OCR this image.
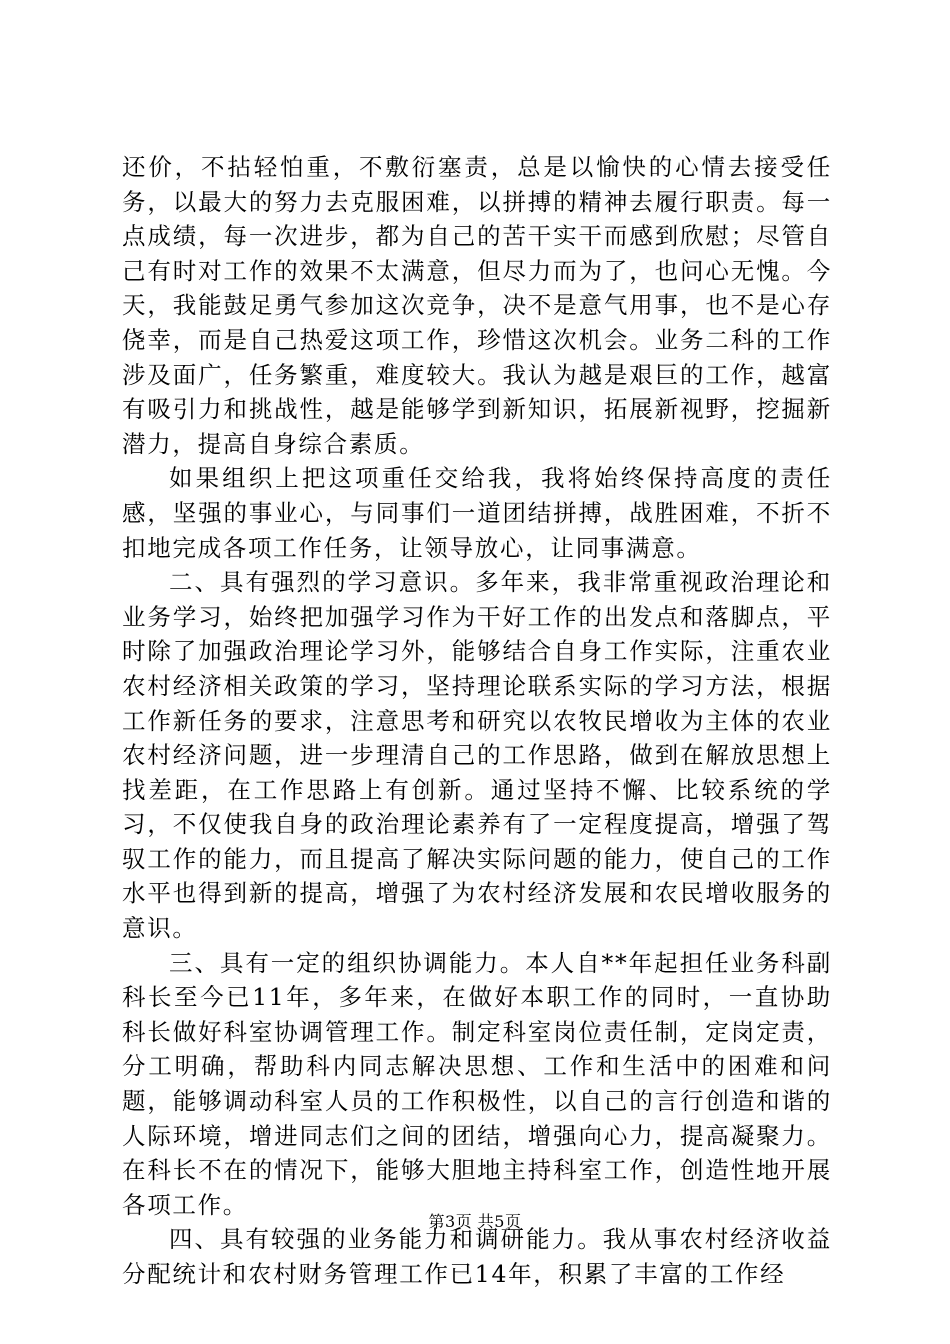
还价，不拈轻怕重，不敷衍塞责，总是以愉快的心情去接受任务，以最大的努力去克服困难，以拼搏的精神去履行职责。每一点成绩，每一次进步，都为自己的苦干实干而感到欣慰；尽管自己有时对工作的效果不太满意，但尽力而为了，也问心无愧。今天，我能鼓足勇气参加这次竞争，决不是意气用事，也不是心存侥幸，而是自己热爱这项工作，珍惜这次机会。业务二科的工作涉及面广，任务繁重，难度较大。我认为越是艰巨的工作，越富有吸引力和挑战性，越是能够学到新知识，拓展新视野，挖掘新潜力，提高自身综合素质。

如果组织上把这项重任交给我，我将始终保持高度的责任感，坚强的事业心，与同事们一道团结拼搏，战胜困难，不折不扣地完成各项工作任务，让领导放心，让同事满意。

二、具有强烈的学习意识。多年来，我非常重视政治理论和业务学习，始终把加强学习作为干好工作的出发点和落脚点，平时除了加强政治理论学习外，能够结合自身工作实际，注重农业农村经济相关政策的学习，坚持理论联系实际的学习方法，根据工作新任务的要求，注意思考和研究以农牧民增收为主体的农业农村经济问题，进一步理清自己的工作思路，做到在解放思想上找差距，在工作思路上有创新。通过坚持不懈、比较系统的学习，不仅使我自身的政治理论素养有了一定程度提高，增强了驾驭工作的能力，而且提高了解决实际问题的能力，使自己的工作水平也得到新的提高，增强了为农村经济发展和农民增收服务的意识。

三、具有一定的组织协调能力。本人自**年起担任业务科副科长至今已11年，多年来，在做好本职工作的同时，一直协助科长做好科室协调管理工作。制定科室岗位责任制，定岗定责，分工明确，帮助科内同志解决思想、工作和生活中的困难和问题，能够调动科室人员的工作积极性，以自己的言行创造和谐的人际环境，增进同志们之间的团结，增强向心力，提高凝聚力。在科长不在的情况下，能够大胆地主持科室工作，创造性地开展各项工作。

四、具有较强的业务能力和调研能力。我从事农村经济收益分配统计和农村财务管理工作已14年，积累了丰富的工作经

第3页 共5页
